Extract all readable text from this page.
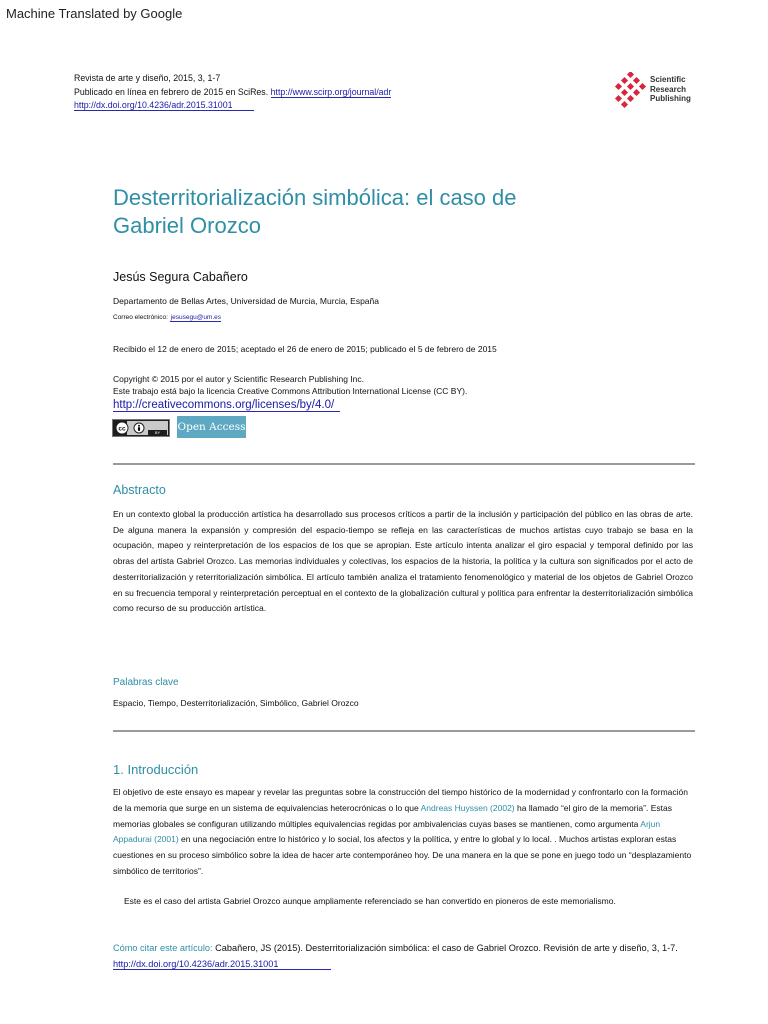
Machine Translated by Google
Revista de arte y diseño, 2015, 3, 1-7
Publicado en línea en febrero de 2015 en SciRes. http://www.scirp.org/journal/adr
http://dx.doi.org/10.4236/adr.2015.31001
Scientific
Research
Publishing
Desterritorialización simbólica: el caso de
Gabriel Orozco
Jesús Segura Cabañero
Departamento de Bellas Artes, Universidad de Murcia, Murcia, España
Correo electrónico: jesusegu@um.es
Recibido el 12 de enero de 2015; aceptado el 26 de enero de 2015; publicado el 5 de febrero de 2015
Copyright © 2015 por el autor y Scientific Research Publishing Inc.
Este trabajo está bajo la licencia Creative Commons Attribution International License (CC BY).
http://creativecommons.org/licenses/by/4.0/
cc	BY Open Access
Abstracto
En un contexto global la producción artística ha desarrollado sus procesos críticos a partir de la inclusión y participación del público en las obras de arte. De alguna manera la expansión y compresión del espacio-tiempo se refleja en las características de muchos artistas cuyo trabajo se basa en la ocupación, mapeo y reinterpretación de los espacios de los que se apropian. Este artículo intenta analizar el giro espacial y temporal definido por las obras del artista Gabriel Orozco. Las memorias individuales y colectivas, los espacios de la historia, la política y la cultura son significados por el acto de desterritorialización y reterritorialización simbólica. El artículo también analiza el tratamiento fenomenológico y material de los objetos de Gabriel Orozco en su frecuencia temporal y reinterpretación perceptual en el contexto de la globalización cultural y política para enfrentar la desterritorialización simbólica como recurso de su producción artística.
Palabras clave
Espacio, Tiempo, Desterritorialización, Simbólico, Gabriel Orozco
1. Introducción
El objetivo de este ensayo es mapear y revelar las preguntas sobre la construcción del tiempo histórico de la modernidad y confrontarlo con la formación de la memoria que surge en un sistema de equivalencias heterocrónicas o lo que Andreas Huyssen (2002) ha llamado “el giro de la memoria”. Estas memorias globales se configuran utilizando múltiples equivalencias regidas por ambivalencias cuyas bases se mantienen, como argumenta Arjun Appadurai (2001) en una negociación entre lo histórico y lo social, los afectos y la política, y entre lo global y lo local. . Muchos artistas exploran estas cuestiones en su proceso simbólico sobre la idea de hacer arte contemporáneo hoy. De una manera en la que se pone en juego todo un “desplazamiento simbólico de territorios”.
Este es el caso del artista Gabriel Orozco aunque ampliamente referenciado se han convertido en pioneros de este memorialismo.
Cómo citar este artículo: Cabañero, JS (2015). Desterritorialización simbólica: el caso de Gabriel Orozco. Revisión de arte y diseño, 3, 1-7. http://dx.doi.org/10.4236/adr.2015.31001
